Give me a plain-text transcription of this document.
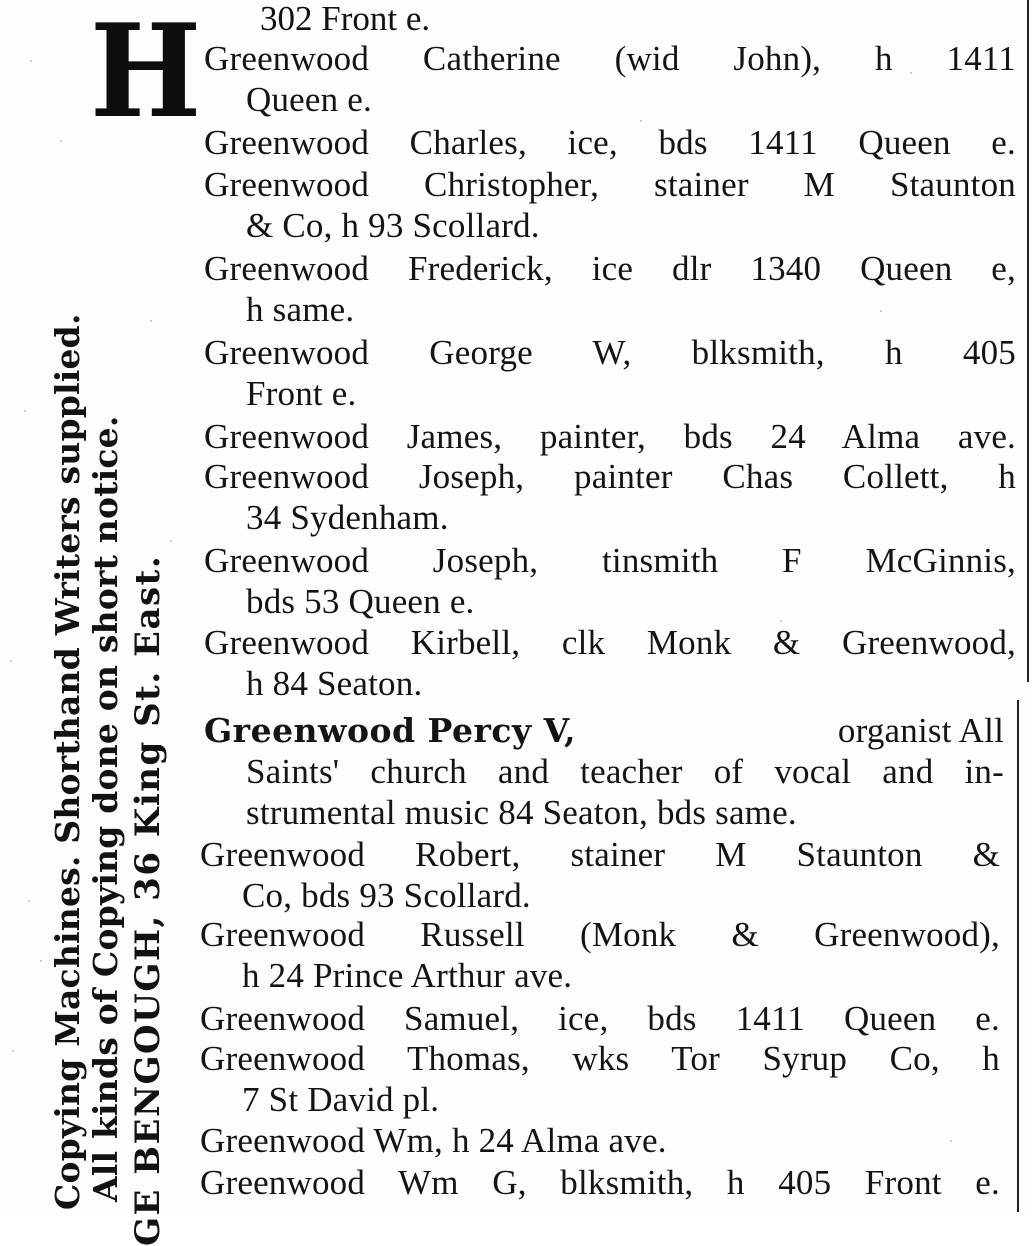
H
Copying Machines. Shorthand Writers supplied. All kinds of Copying done on short notice. GE BENGOUGH, 36 King St. East.
302 Front e.
Greenwood Catherine (wid John), h 1411
Queen e.
Greenwood Charles, ice, bds 1411 Queen e.
Greenwood Christopher, stainer M Staunton
& Co, h 93 Scollard.
Greenwood Frederick, ice dlr 1340 Queen e,
h same.
Greenwood George W, blksmith, h 405
Front e.
Greenwood James, painter, bds 24 Alma ave.
Greenwood Joseph, painter Chas Collett, h
34 Sydenham.
Greenwood Joseph, tinsmith F McGinnis,
bds 53 Queen e.
Greenwood Kirbell, clk Monk & Greenwood,
h 84 Seaton.
Greenwood Percy V,	organist All
Saints' church and teacher of vocal and in-
strumental music 84 Seaton, bds same.
Greenwood Robert, stainer M Staunton &
Co, bds 93 Scollard.
Greenwood Russell (Monk & Greenwood),
h 24 Prince Arthur ave.
Greenwood Samuel, ice, bds 1411 Queen e.
Greenwood Thomas, wks Tor Syrup Co, h
7 St David pl.
Greenwood Wm, h 24 Alma ave.
Greenwood Wm G, blksmith, h 405 Front e.
